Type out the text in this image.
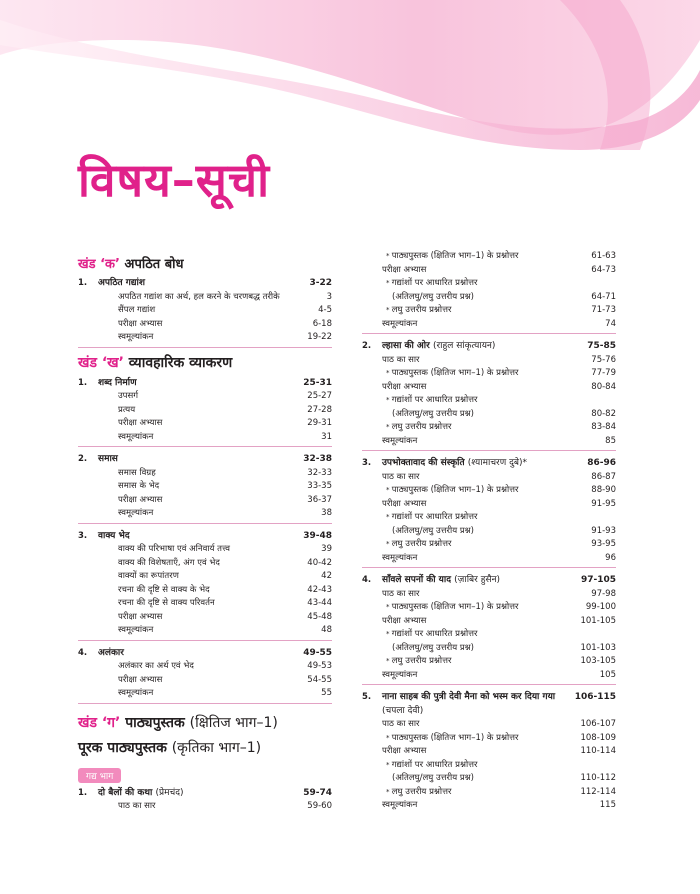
विषय–सूची
खंड ‘क’ अपठित बोध
1.	अपठित गद्यांश	3-22
अपठित गद्यांश का अर्थ, हल करने के चरणबद्ध तरीके	3
सैंपल गद्यांश	4-5
परीक्षा अभ्यास	6-18
स्वमूल्यांकन	19-22
खंड ‘ख’ व्यावहारिक व्याकरण
1.	शब्द निर्माण	25-31
उपसर्ग	25-27
प्रत्यय	27-28
परीक्षा अभ्यास	29-31
स्वमूल्यांकन	31
2.	समास	32-38
समास विग्रह	32-33
समास के भेद	33-35
परीक्षा अभ्यास	36-37
स्वमूल्यांकन	38
3.	वाक्य भेद	39-48
वाक्य की परिभाषा एवं अनिवार्य तत्त्व	39
वाक्य की विशेषताएँ, अंग एवं भेद	40-42
वाक्यों का रूपांतरण	42
रचना की दृष्टि से वाक्य के भेद	42-43
रचना की दृष्टि से वाक्य परिवर्तन	43-44
परीक्षा अभ्यास	45-48
स्वमूल्यांकन	48
4.	अलंकार	49-55
अलंकार का अर्थ एवं भेद	49-53
परीक्षा अभ्यास	54-55
स्वमूल्यांकन	55
खंड ‘ग’ पाठ्यपुस्तक (क्षितिज भाग–1)
पूरक पाठ्यपुस्तक (कृतिका भाग–1)
गद्य भाग
1.	दो बैलों की कथा (प्रेमचंद)	59-74
पाठ का सार	59-60
* पाठ्यपुस्तक (क्षितिज भाग–1) के प्रश्नोत्तर	61-63
परीक्षा अभ्यास	64-73
* गद्यांशों पर आधारित प्रश्नोत्तर
(अतिलघु/लघु उत्तरीय प्रश्न)	64-71
* लघु उत्तरीय प्रश्नोत्तर	71-73
स्वमूल्यांकन	74
2.	ल्हासा की ओर (राहुल सांकृत्यायन)	75-85
पाठ का सार	75-76
* पाठ्यपुस्तक (क्षितिज भाग–1) के प्रश्नोत्तर	77-79
परीक्षा अभ्यास	80-84
* गद्यांशों पर आधारित प्रश्नोत्तर
(अतिलघु/लघु उत्तरीय प्रश्न)	80-82
* लघु उत्तरीय प्रश्नोत्तर	83-84
स्वमूल्यांकन	85
3.	उपभोक्तावाद की संस्कृति (श्यामाचरण दुबे)*	86-96
पाठ का सार	86-87
* पाठ्यपुस्तक (क्षितिज भाग–1) के प्रश्नोत्तर	88-90
परीक्षा अभ्यास	91-95
* गद्यांशों पर आधारित प्रश्नोत्तर
(अतिलघु/लघु उत्तरीय प्रश्न)	91-93
* लघु उत्तरीय प्रश्नोत्तर	93-95
स्वमूल्यांकन	96
4.	साँवले सपनों की याद (ज़ाबिर हुसैन)	97-105
पाठ का सार	97-98
* पाठ्यपुस्तक (क्षितिज भाग–1) के प्रश्नोत्तर	99-100
परीक्षा अभ्यास	101-105
* गद्यांशों पर आधारित प्रश्नोत्तर
(अतिलघु/लघु उत्तरीय प्रश्न)	101-103
* लघु उत्तरीय प्रश्नोत्तर	103-105
स्वमूल्यांकन	105
5.	नाना साहब की पुत्री देवी मैना को भस्म कर दिया गया (चपला देवी)
106-115
पाठ का सार	106-107
* पाठ्यपुस्तक (क्षितिज भाग–1) के प्रश्नोत्तर	108-109
परीक्षा अभ्यास	110-114
* गद्यांशों पर आधारित प्रश्नोत्तर
(अतिलघु/लघु उत्तरीय प्रश्न)	110-112
* लघु उत्तरीय प्रश्नोत्तर	112-114
स्वमूल्यांकन	115
